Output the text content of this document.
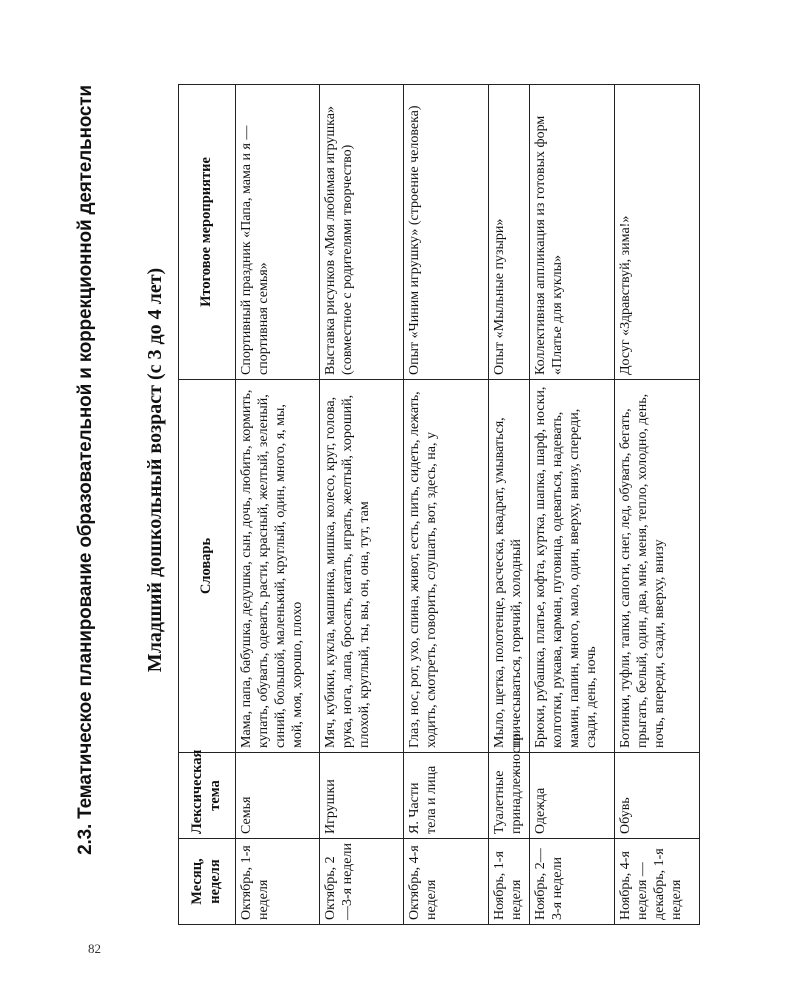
82
2.3. Тематическое планирование образовательной и коррекционной деятельности Младший дошкольный возраст (с 3 до 4 лет)
Месяц, неделя	Лексическая тема	Словарь	Итоговое мероприятие
Октябрь, 1-я неделя	Семья	Мама, папа, бабушка, дедушка, сын, дочь, любить, кормить, купать, обувать, одевать, расти, красный, желтый, зеленый, синий, большой, маленький, круглый, один, много, я, мы, мой, моя, хорошо, плохо	Спортивный праздник «Папа, мама и я — спортивная семья»
Октябрь, 2—3-я недели	Игрушки	Мяч, кубики, кукла, машинка, мишка, колесо, круг, голова, рука, нога, лапа, бросать, катать, играть, желтый, хороший, плохой, круглый, ты, вы, он, она, тут, там	Выставка рисунков «Моя любимая игрушка» (совместное с родителями творчество)
Октябрь, 4-я неделя	Я. Части тела и лица	Глаз, нос, рот, ухо, спина, живот, есть, пить, сидеть, лежать, ходить, смотреть, говорить, слушать, вот, здесь, на, у	Опыт «Чиним игрушку» (строение человека)
Ноябрь, 1-я неделя	Туалетные принадлежности	Мыло, щетка, полотенце, расческа, квадрат, умываться, причесываться, горячий, холодный	Опыт «Мыльные пузыри»
Ноябрь, 2—3-я недели	Одежда	Брюки, рубашка, платье, кофта, куртка, шапка, шарф, носки, колготки, рукава, карман, пуговица, одеваться, надевать, мамин, папин, много, мало, один, вверху, внизу, спереди, сзади, день, ночь	Коллективная аппликация из готовых форм «Платье для куклы»
Ноябрь, 4-я неделя — декабрь, 1-я неделя	Обувь	Ботинки, туфли, тапки, сапоги, снег, лед, обувать, бегать, прыгать, белый, один, два, мне, меня, тепло, холодно, день, ночь, впереди, сзади, вверху, внизу	Досуг «Здравствуй, зима!»
